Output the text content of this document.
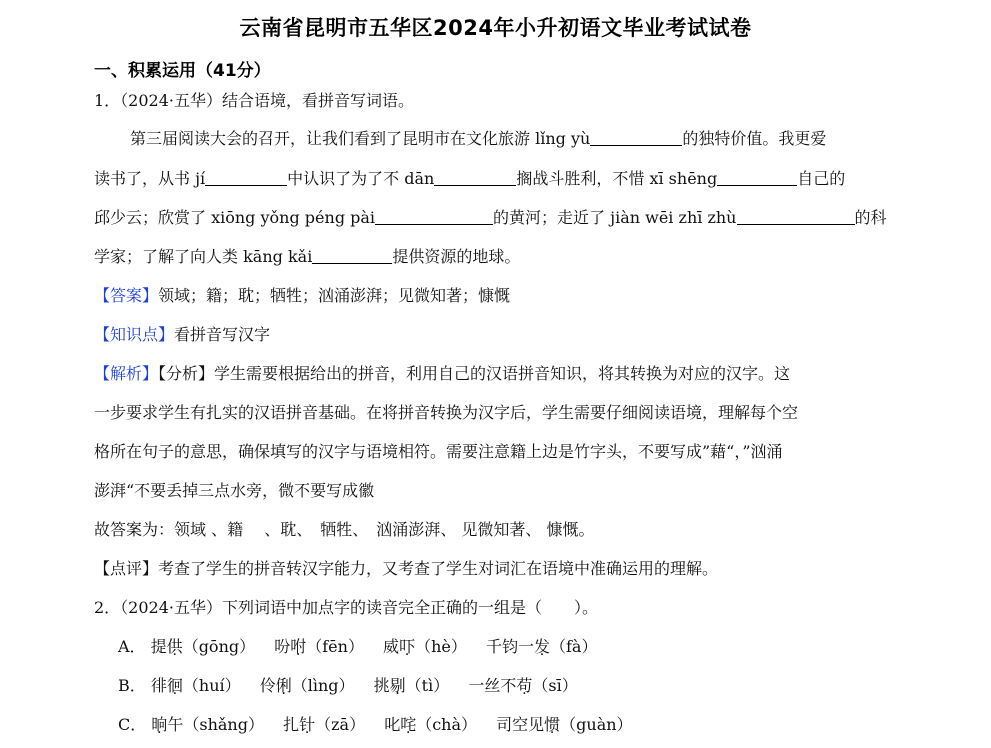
云南省昆明市五华区2024年小升初语文毕业考试试卷
一、积累运用（41分）
1．（2024·五华）结合语境，看拼音写词语。
第三届阅读大会的召开，让我们看到了昆明市在文化旅游 lǐng yù	的独特价值。我更爱
读书了，从书 jí	中认识了为了不 dān	搁战斗胜利，不惜 xī shēng	自己的
邱少云；欣赏了 xiōng yǒng péng pài	的黄河；走近了 jiàn wēi zhī zhù	的科
学家；了解了向人类 kāng kǎi	提供资源的地球。
【答案】领域；籍；耽；牺牲；汹涌澎湃；见微知著；慷慨
【知识点】看拼音写汉字
【解析】【分析】学生需要根据给出的拼音，利用自己的汉语拼音知识，将其转换为对应的汉字。这
一步要求学生有扎实的汉语拼音基础。在将拼音转换为汉字后，学生需要仔细阅读语境，理解每个空
格所在句子的意思，确保填写的汉字与语境相符。需要注意籍上边是竹字头，不要写成”藉“，”汹涌
澎湃“不要丢掉三点水旁，微不要写成徽
故答案为：领域 、籍 　、耽、　牺牲、　汹涌澎湃、 见微知著、 慷慨。
【点评】考查了学生的拼音转汉字能力，又考查了学生对词汇在语境中准确运用的理解。
2．（2024·五华）下列词语中加点字的读音完全正确的一组是（　　）。
A． 提供（gōng） 吩咐（fēn） 威吓（hè） 千钧一发（fà）
B． 徘徊（huí） 伶俐（lìng） 挑剔（tì） 一丝不苟（sī）
C． 晌午（shǎng） 扎针（zā） 叱咤（chà） 司空见惯（guàn）
